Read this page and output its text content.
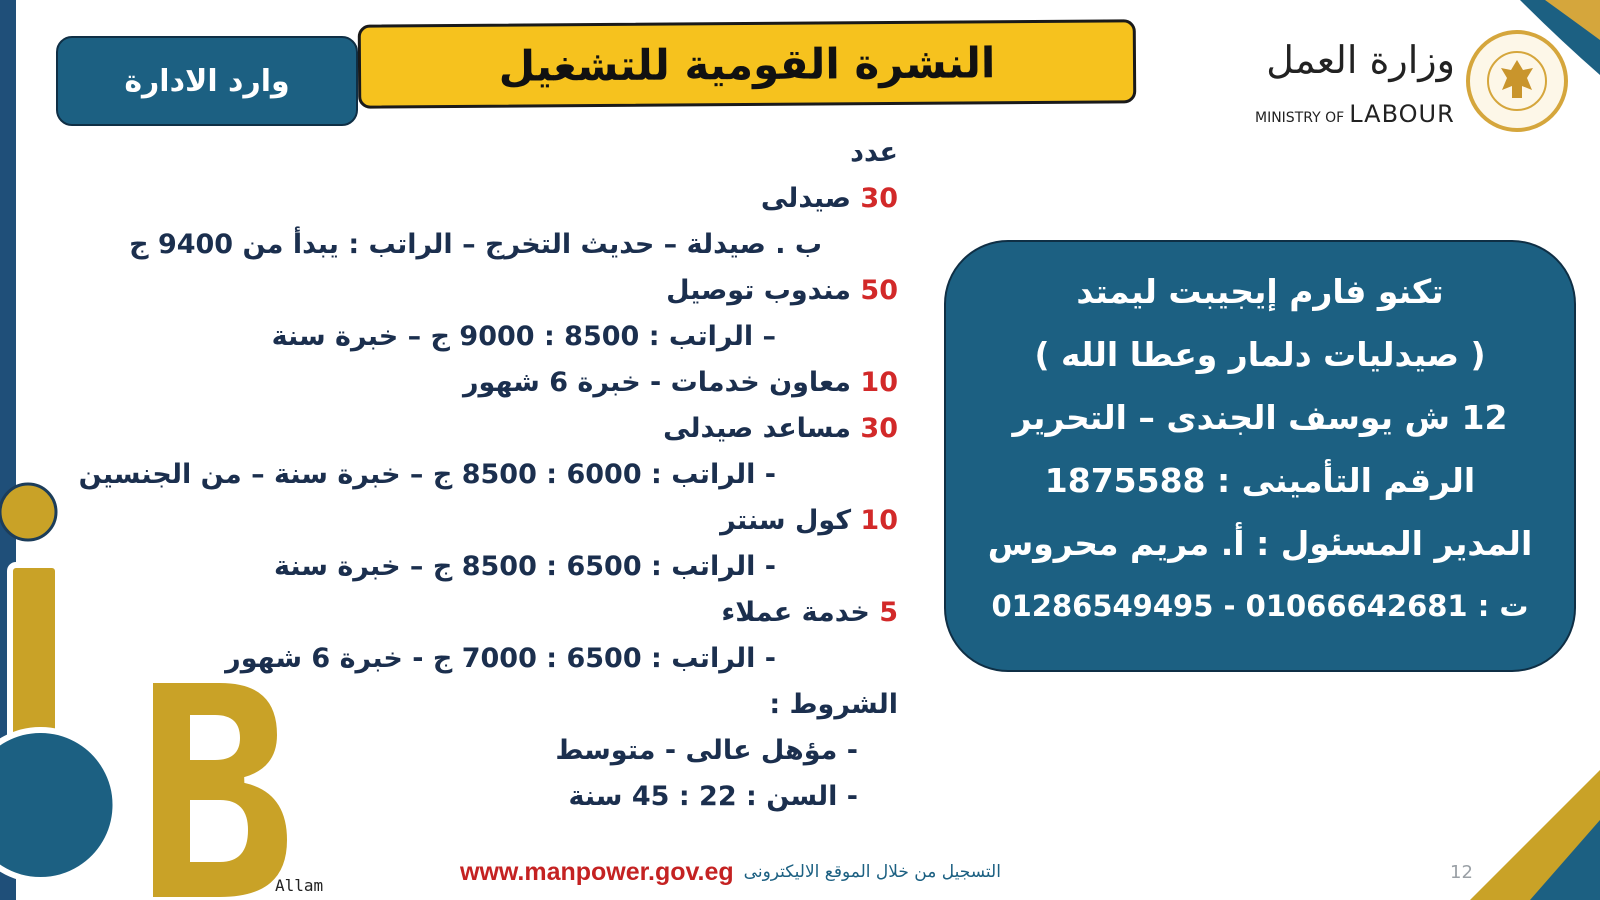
وارد الادارة	النشرة القومية للتشغيل	وزارة العمل
MINISTRY OF LABOUR
عدد
30 صيدلى
ب . صيدلة – حديث التخرج – الراتب : يبدأ من 9400 ج
50 مندوب توصيل
– الراتب : 8500 : 9000 ج – خبرة سنة
10 معاون خدمات - خبرة 6 شهور
30 مساعد صيدلى
- الراتب : 6000 : 8500 ج – خبرة سنة – من الجنسين
10 كول سنتر
- الراتب : 6500 : 8500 ج – خبرة سنة
5 خدمة عملاء
- الراتب : 6500 : 7000 ج - خبرة 6 شهور
الشروط :
- مؤهل عالى - متوسط
- السن : 22 : 45 سنة
تكنو فارم إيجيبت ليمتد
( صيدليات دلمار وعطا الله )
12 ش يوسف الجندى – التحرير
الرقم التأمينى : 1875588
المدير المسئول : أ. مريم محروس
ت : 01066642681 - 01286549495
www.manpower.gov.eg التسجيل من خلال الموقع الاليكترونى	12
Allam
